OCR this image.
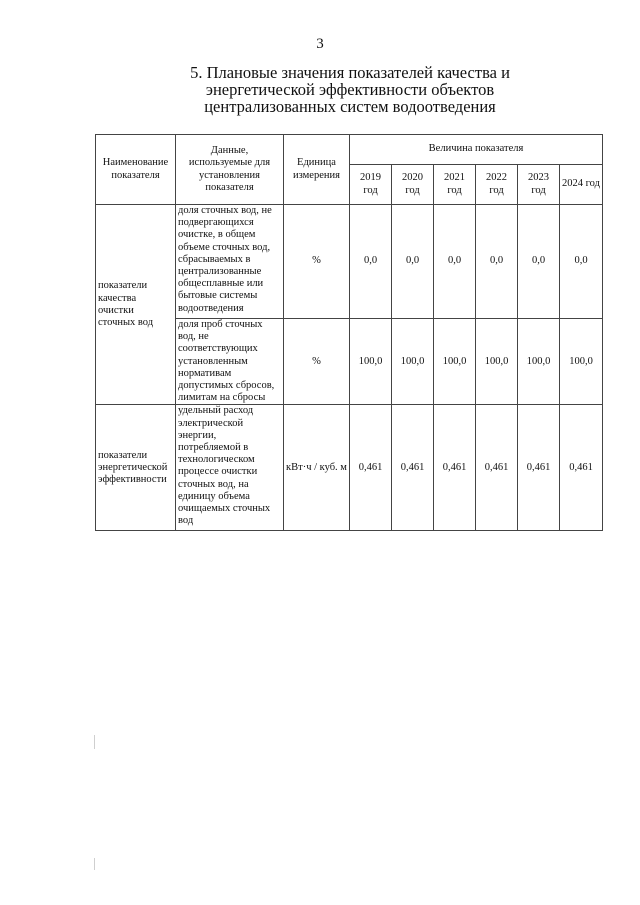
3
5. Плановые значения показателей качества и
энергетической эффективности объектов
централизованных систем водоотведения
Наименование показателя	Данные, используемые для установления показателя	Единица измерения	Величина показателя					
			2019 год	2020 год	2021 год	2022 год	2023 год	2024 год
показатели качества очистки сточных вод	доля сточных вод, не подвергающихся очистке, в общем объеме сточных вод, сбрасываемых в централизованные общесплавные или бытовые системы водоотведения	%	0,0	0,0	0,0	0,0	0,0	0,0
	доля проб сточных вод, не соответствующих установленным нормативам допустимых сбросов, лимитам на сбросы	%	100,0	100,0	100,0	100,0	100,0	100,0
показатели энергетической эффективности	удельный расход электрической энергии, потребляемой в технологическом процессе очистки сточных вод, на единицу объема очищаемых сточных вод	кВт·ч / куб. м	0,461	0,461	0,461	0,461	0,461	0,461
